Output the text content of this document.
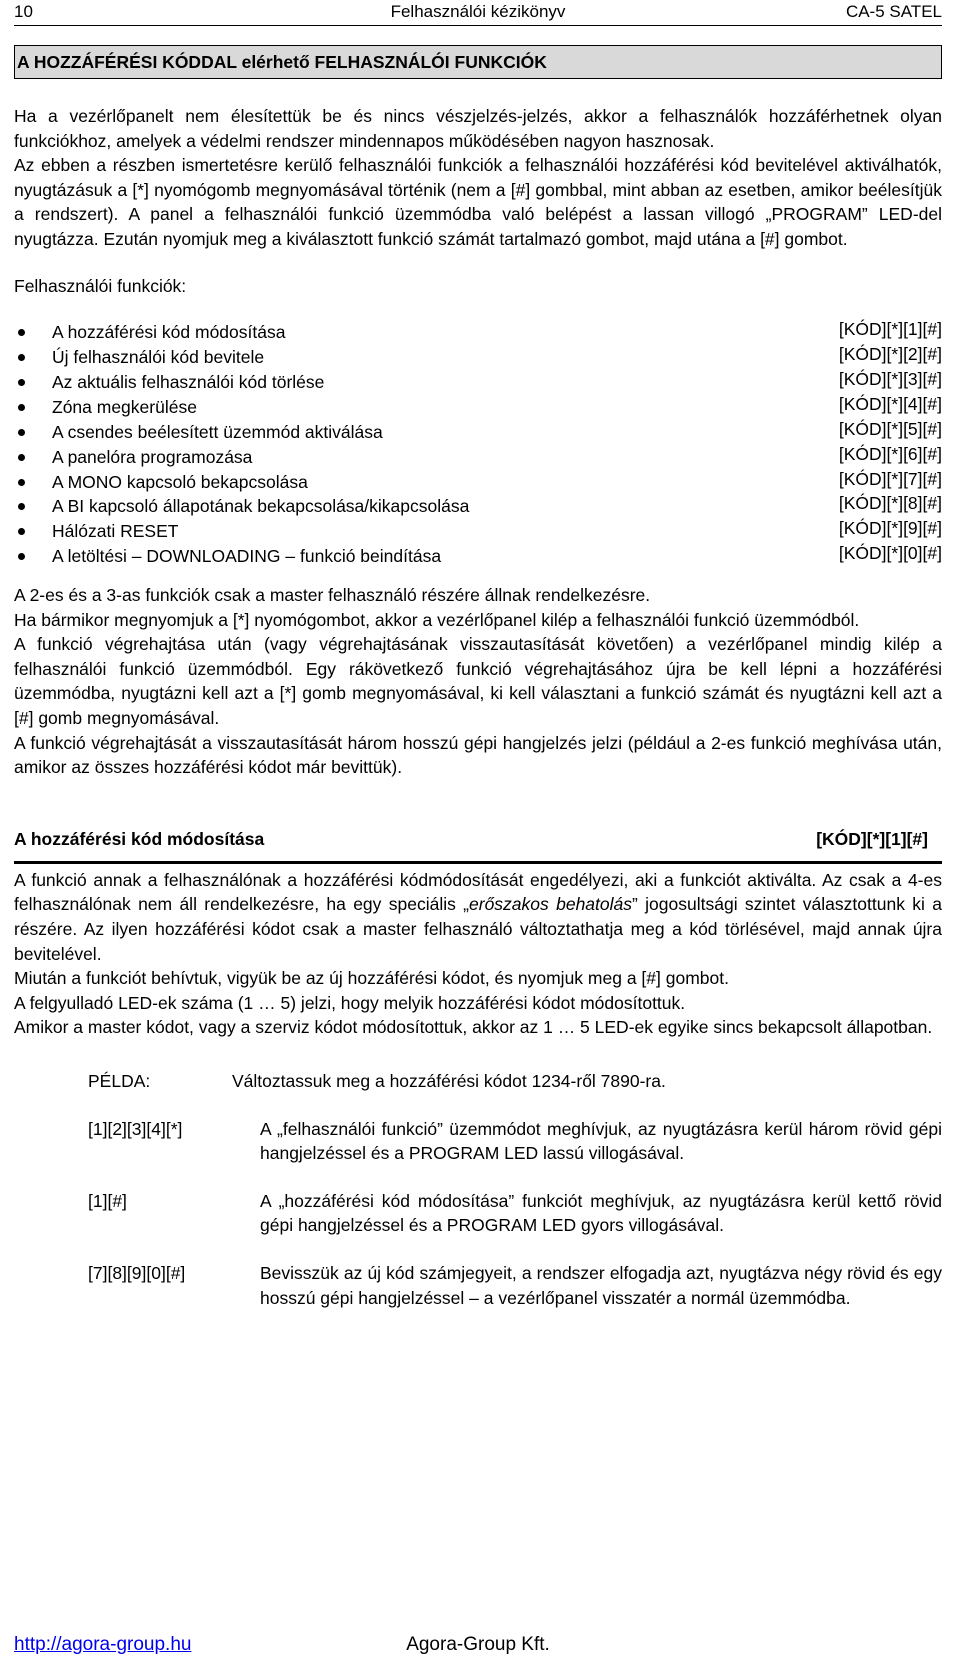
10	Felhasználói kézikönyv	CA-5 SATEL
A HOZZÁFÉRÉSI KÓDDAL elérhető FELHASZNÁLÓI FUNKCIÓK

Ha a vezérlőpanelt nem élesítettük be és nincs vészjelzés-jelzés, akkor a felhasználók hozzáférhetnek olyan funkciókhoz, amelyek a védelmi rendszer mindennapos működésében nagyon hasznosak.

Az ebben a részben ismertetésre kerülő felhasználói funkciók a felhasználói hozzáférési kód bevitelével aktiválhatók, nyugtázásuk a [*] nyomógomb megnyomásával történik (nem a [#] gombbal, mint abban az esetben, amikor beélesítjük a rendszert). A panel a felhasználói funkció üzemmódba való belépést a lassan villogó „PROGRAM” LED-del nyugtázza. Ezután nyomjuk meg a kiválasztott funkció számát tartalmazó gombot, majd utána a [#] gombot.

Felhasználói funkciók:

A hozzáférési kód módosítása	[KÓD][*][1][#]
Új felhasználói kód bevitele	[KÓD][*][2][#]
Az aktuális felhasználói kód törlése	[KÓD][*][3][#]
Zóna megkerülése	[KÓD][*][4][#]
A csendes beélesített üzemmód aktiválása	[KÓD][*][5][#]
A panelóra programozása	[KÓD][*][6][#]
A MONO kapcsoló bekapcsolása	[KÓD][*][7][#]
A BI kapcsoló állapotának bekapcsolása/kikapcsolása	[KÓD][*][8][#]
Hálózati RESET	[KÓD][*][9][#]
A letöltési – DOWNLOADING – funkció beindítása	[KÓD][*][0][#]

A 2-es és a 3-as funkciók csak a master felhasználó részére állnak rendelkezésre.

Ha bármikor megnyomjuk a [*] nyomógombot, akkor a vezérlőpanel kilép a felhasználói funkció üzemmódból.

A funkció végrehajtása után (vagy végrehajtásának visszautasítását követően) a vezérlőpanel mindig kilép a felhasználói funkció üzemmódból. Egy rákövetkező funkció végrehajtásához újra be kell lépni a hozzáférési üzemmódba, nyugtázni kell azt a [*] gomb megnyomásával, ki kell választani a funkció számát és nyugtázni kell azt a [#] gomb megnyomásával.

A funkció végrehajtását a visszautasítását három hosszú gépi hangjelzés jelzi (például a 2-es funkció meghívása után, amikor az összes hozzáférési kódot már bevittük).

A hozzáférési kód módosítása	[KÓD][*][1][#]

A funkció annak a felhasználónak a hozzáférési kódmódosítását engedélyezi, aki a funkciót aktiválta. Az csak a 4-es felhasználónak nem áll rendelkezésre, ha egy speciális „erőszakos behatolás” jogosultsági szintet választottunk ki a részére. Az ilyen hozzáférési kódot csak a master felhasználó változtathatja meg a kód törlésével, majd annak újra bevitelével.

Miután a funkciót behívtuk, vigyük be az új hozzáférési kódot, és nyomjuk meg a [#] gombot.

A felgyulladó LED-ek száma (1 … 5) jelzi, hogy melyik hozzáférési kódot módosítottuk.

Amikor a master kódot, vagy a szerviz kódot módosítottuk, akkor az 1 … 5 LED-ek egyike sincs bekapcsolt állapotban.

PÉLDA:	Változtassuk meg a hozzáférési kódot 1234-ről 7890-ra.
[1][2][3][4][*]	A „felhasználói funkció” üzemmódot meghívjuk, az nyugtázásra kerül három rövid gépi hangjelzéssel és a PROGRAM LED lassú villogásával.
[1][#]	A „hozzáférési kód módosítása” funkciót meghívjuk, az nyugtázásra kerül kettő rövid gépi hangjelzéssel és a PROGRAM LED gyors villogásával.
[7][8][9][0][#]	Bevisszük az új kód számjegyeit, a rendszer elfogadja azt, nyugtázva négy rövid és egy hosszú gépi hangjelzéssel – a vezérlőpanel visszatér a normál üzemmódba.
http://agora-group.hu	Agora-Group Kft.
